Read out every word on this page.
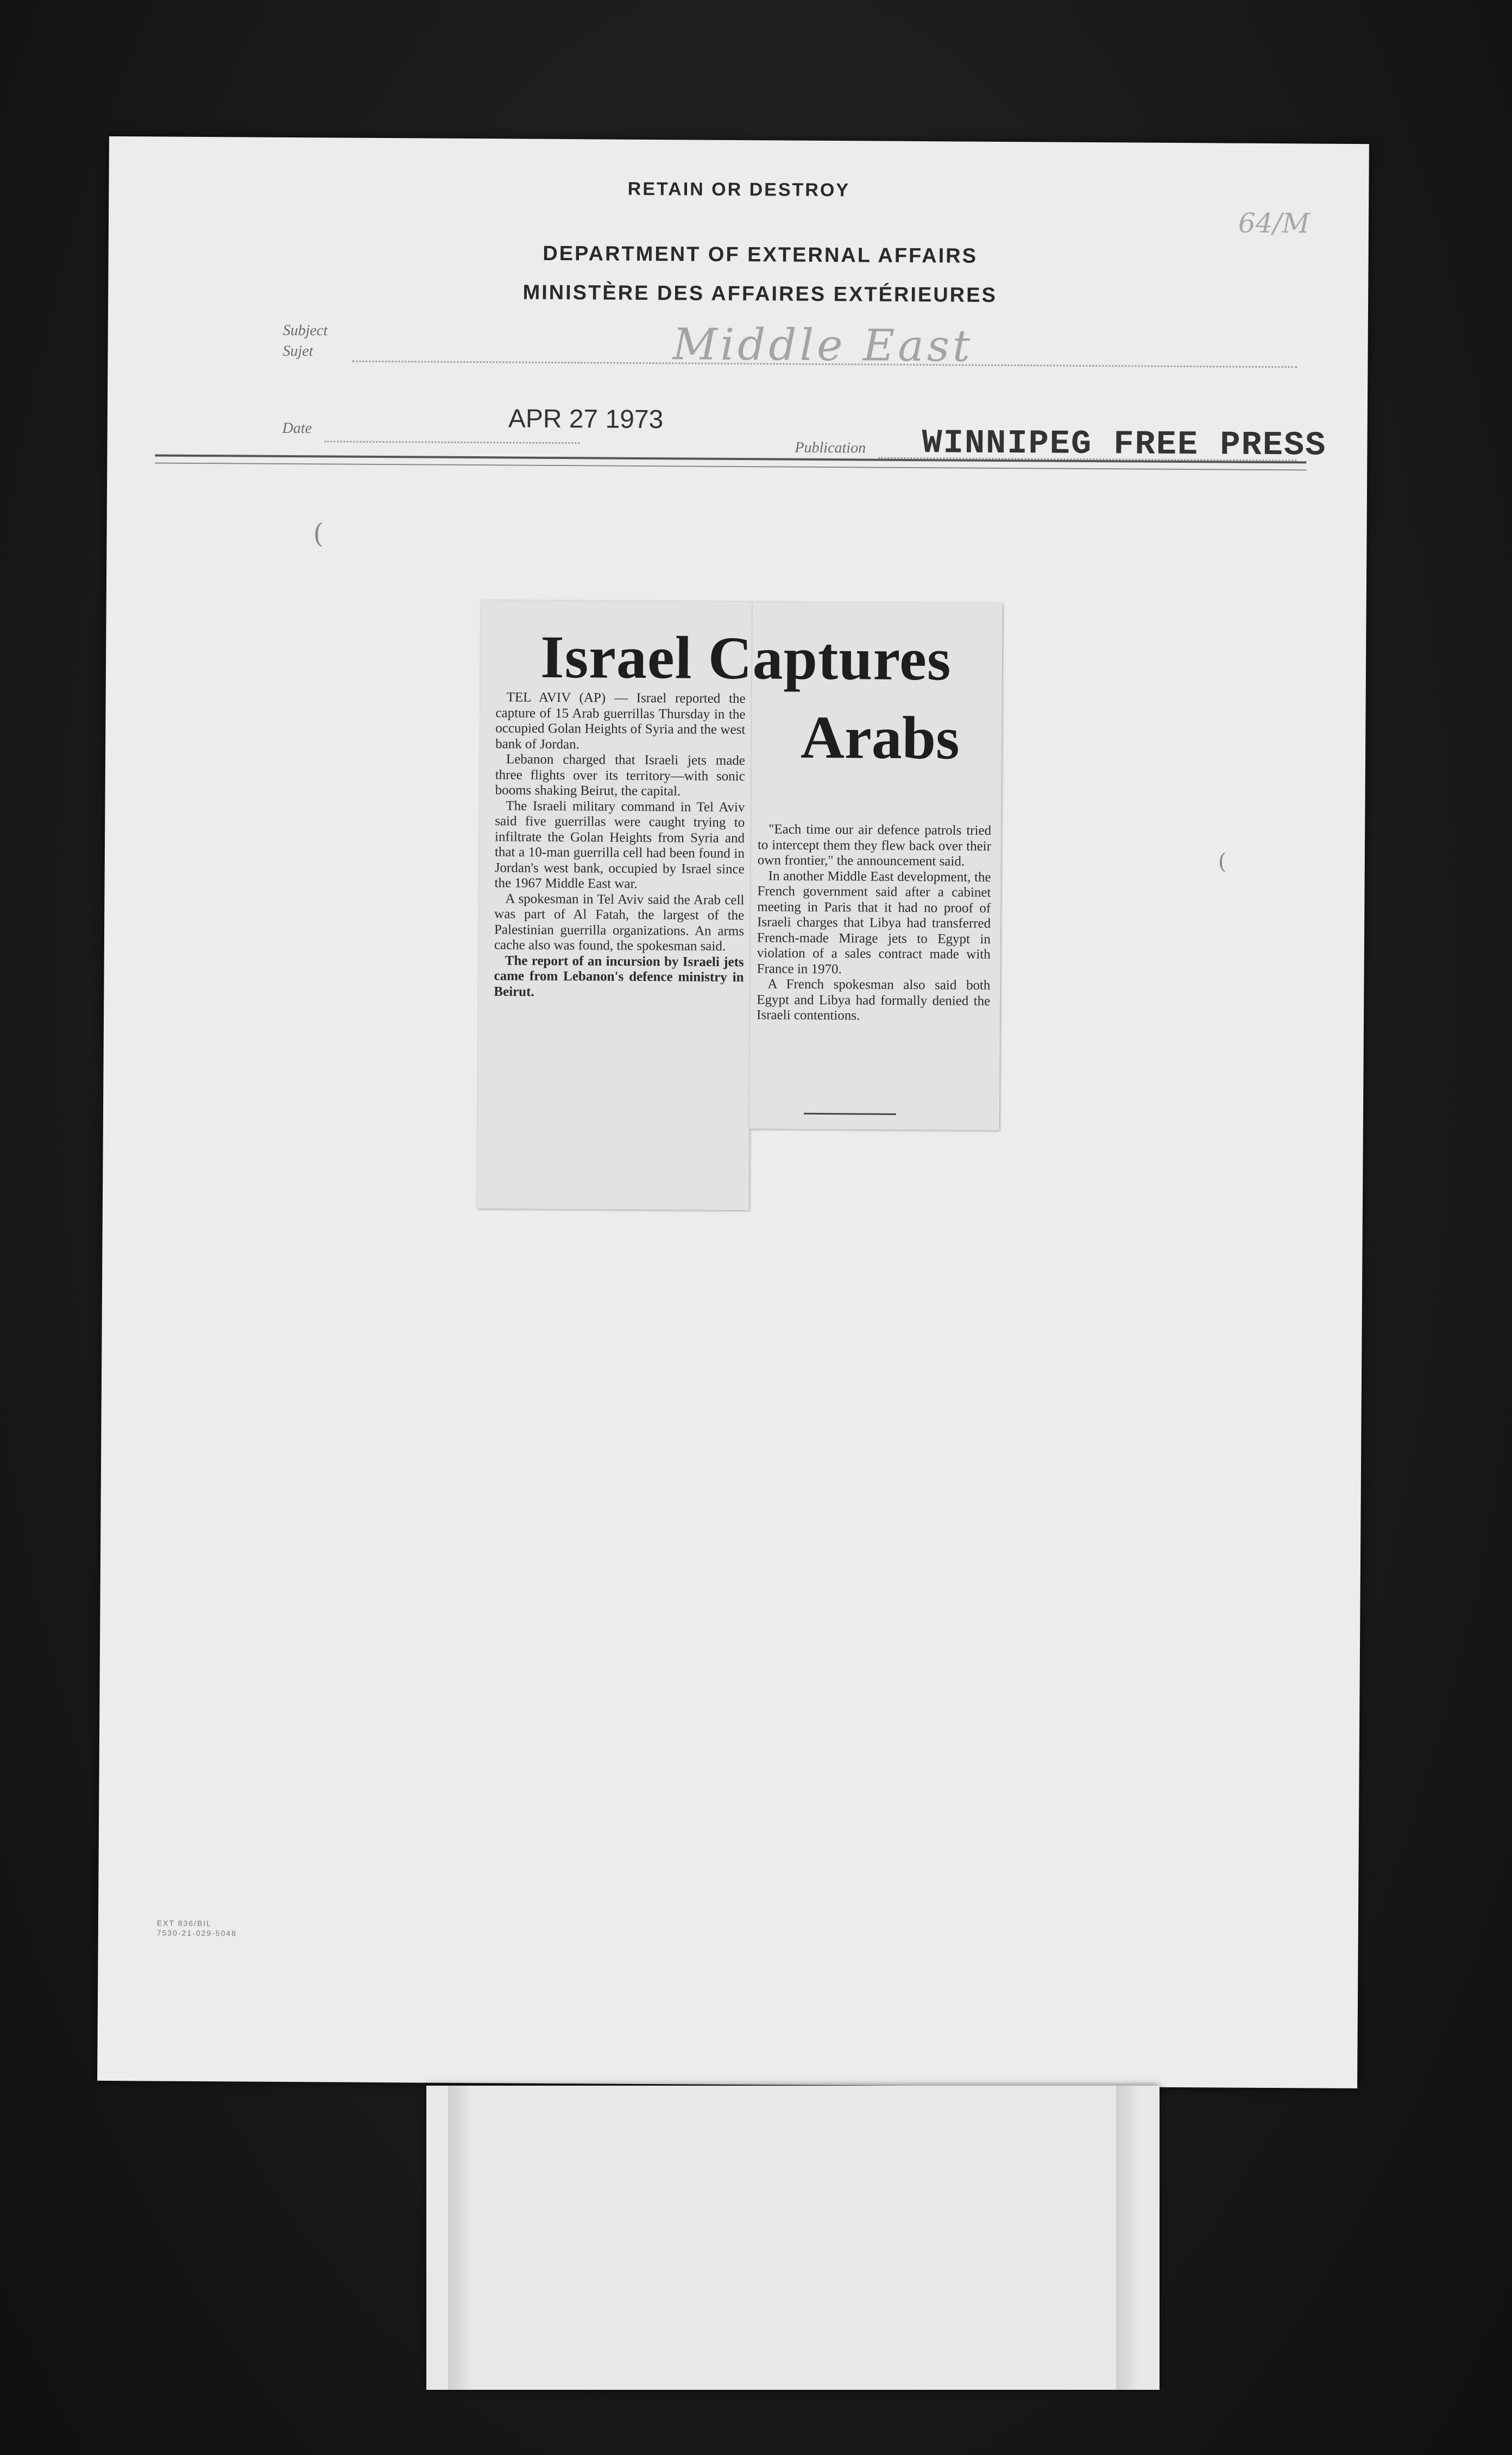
RETAIN OR DESTROY
DEPARTMENT OF EXTERNAL AFFAIRS
MINISTÈRE DES AFFAIRES EXTÉRIEURES
64/M
Subject
Sujet	Middle East
Date	APR 27 1973
Publication WINNIPEG FREE PRESS
Israel Captures
Arabs

TEL AVIV (AP) — Israel reported the capture of 15 Arab guerrillas Thursday in the occupied Golan Heights of Syria and the west bank of Jordan.

Lebanon charged that Israeli jets made three flights over its territory—with sonic booms shaking Beirut, the capital.

The Israeli military command in Tel Aviv said five guerrillas were caught trying to infiltrate the Golan Heights from Syria and that a 10-man guerrilla cell had been found in Jordan's west bank, occupied by Israel since the 1967 Middle East war.

A spokesman in Tel Aviv said the Arab cell was part of Al Fatah, the largest of the Palestinian guerrilla organizations. An arms cache also was found, the spokesman said.

The report of an incursion by Israeli jets came from Lebanon's defence ministry in Beirut.

"Each time our air defence patrols tried to intercept them they flew back over their own frontier," the announcement said.

In another Middle East development, the French government said after a cabinet meeting in Paris that it had no proof of Israeli charges that Libya had transferred French-made Mirage jets to Egypt in violation of a sales contract made with France in 1970.

A French spokesman also said both Egypt and Libya had formally denied the Israeli contentions.

(
(
EXT 836/BIL
7530-21-029-5048
